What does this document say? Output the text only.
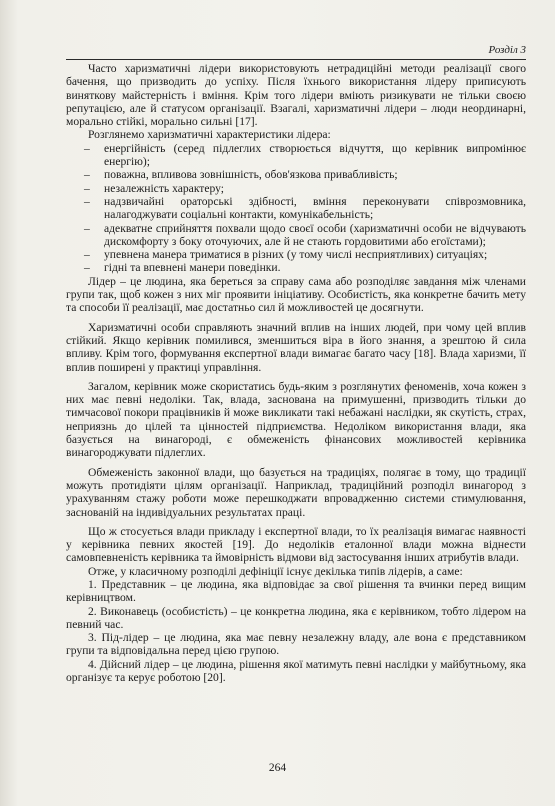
Розділ 3

Часто харизматичні лідери використовують нетрадиційні методи реалізації свого бачення, що призводить до успіху. Після їхнього використання лідеру приписують виняткову майстерність і вміння. Крім того лідери вміють ризикувати не тільки своєю репутацією, але й статусом організації. Взагалі, харизматичні лідери – люди неординарні, морально стійкі, морально сильні [17].

Розглянемо харизматичні характеристики лідера:

– енергійність (серед підлеглих створюється відчуття, що керівник випромінює енергію);
– поважна, впливова зовнішність, обов'язкова привабливість;
– незалежність характеру;
– надзвичайні ораторські здібності, вміння переконувати співрозмовника, налагоджувати соціальні контакти, комунікабельність;
– адекватне сприйняття похвали щодо своєї особи (харизматичні особи не відчувають дискомфорту з боку оточуючих, але й не стають гордовитими або егоїстами);
– упевнена манера триматися в різних (у тому числі несприятливих) ситуаціях;
– гідні та впевнені манери поведінки.

Лідер – це людина, яка береться за справу сама або розподіляє завдання між членами групи так, щоб кожен з них міг проявити ініціативу. Особистість, яка конкретне бачить мету та способи її реалізації, має достатньо сил й можливостей це досягнути.

Харизматичні особи справляють значний вплив на інших людей, при чому цей вплив стійкий. Якщо керівник помилився, зменшиться віра в його знання, а зрештою й сила впливу. Крім того, формування експертної влади вимагає багато часу [18]. Влада харизми, її вплив поширені у практиці управління.

Загалом, керівник може скористатись будь-яким з розглянутих феноменів, хоча кожен з них має певні недоліки. Так, влада, заснована на примушенні, призводить тільки до тимчасової покори працівників й може викликати такі небажані наслідки, як скутість, страх, неприязнь до цілей та цінностей підприємства. Недоліком використання влади, яка базується на винагороді, є обмеженість фінансових можливостей керівника винагороджувати підлеглих.

Обмеженість законної влади, що базується на традиціях, полягає в тому, що традиції можуть протидіяти цілям організації. Наприклад, традиційний розподіл винагород з урахуванням стажу роботи може перешкоджати впровадженню системи стимулювання, заснованій на індивідуальних результатах праці.

Що ж стосується влади прикладу і експертної влади, то їх реалізація вимагає наявності у керівника певних якостей [19]. До недоліків еталонної влади можна віднести самовпевненість керівника та ймовірність відмови від застосування інших атрибутів влади.

Отже, у класичному розподілі дефініції існує декілька типів лідерів, а саме:

1. Представник – це людина, яка відповідає за свої рішення та вчинки перед вищим керівництвом.

2. Виконавець (особистість) – це конкретна людина, яка є керівником, тобто лідером на певний час.

3. Під-лідер – це людина, яка має певну незалежну владу, але вона є представником групи та відповідальна перед цією групою.

4. Дійсний лідер – це людина, рішення якої матимуть певні наслідки у майбутньому, яка організує та керує роботою [20].

264
